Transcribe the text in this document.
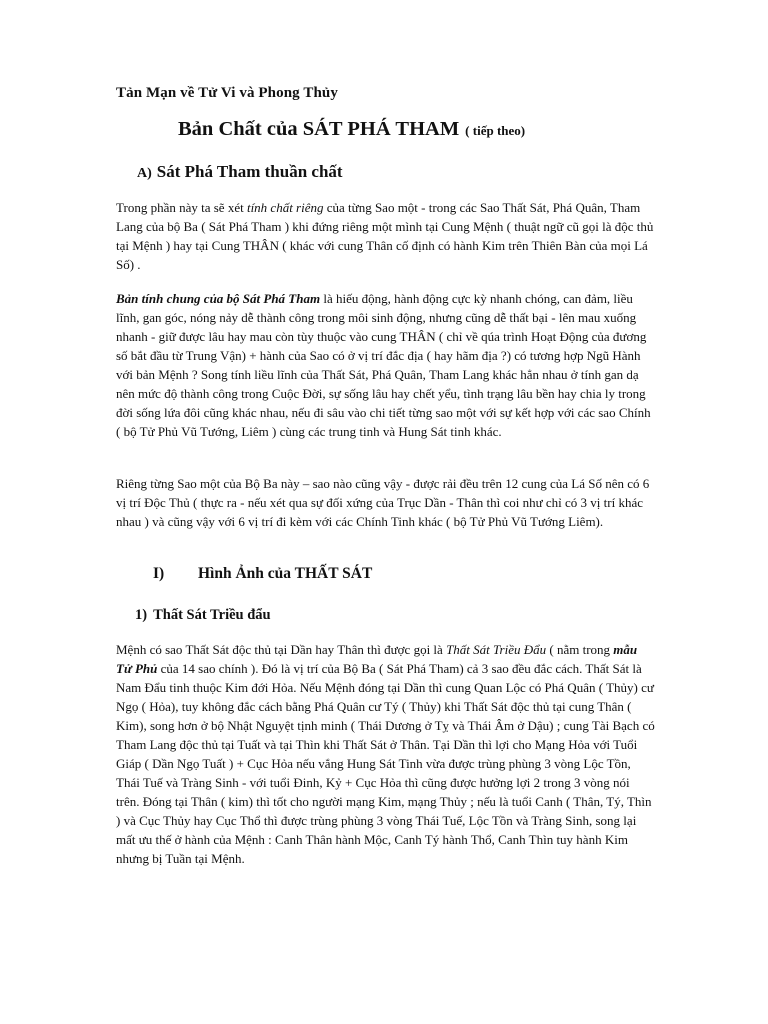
Tản Mạn về Tử Vi và Phong Thủy
Bản Chất của SÁT PHÁ THAM ( tiếp theo)
A) Sát Phá Tham thuần chất

Trong phần này ta sẽ xét tính chất riêng của từng Sao một - trong các Sao Thất Sát, Phá Quân, Tham Lang của bộ Ba ( Sát Phá Tham ) khi đứng riêng một mình tại Cung Mệnh ( thuật ngữ cũ gọi là độc thủ tại Mệnh ) hay tại Cung THÂN ( khác với cung Thân cố định có hành Kim trên Thiên Bàn của mọi Lá Số) .

Bản tính chung của bộ Sát Phá Tham là hiếu động, hành động cực kỳ nhanh chóng, can đảm, liều lĩnh, gan góc, nóng nảy dễ thành công trong môi sinh động, nhưng cũng dễ thất bại - lên mau xuống nhanh - giữ được lâu hay mau còn tùy thuộc vào cung THÂN ( chỉ về qúa trình Hoạt Động của đương số bắt đầu từ Trung Vận) + hành của Sao có ở vị trí đắc địa ( hay hãm địa ?) có tương hợp Ngũ Hành với bản Mệnh ? Song tính liều lĩnh của Thất Sát, Phá Quân, Tham Lang khác hẳn nhau ở tính gan dạ nên mức độ thành công trong Cuộc Đời, sự sống lâu hay chết yểu, tình trạng lâu bền hay chia ly trong đời sống lứa đôi cũng khác nhau, nếu đi sâu vào chi tiết từng sao một với sự kết hợp với các sao Chính ( bộ Tử Phủ Vũ Tướng, Liêm ) cùng các trung tinh và Hung Sát tinh khác.

Riêng từng Sao một của Bộ Ba này – sao nào cũng vậy - được rải đều trên 12 cung của Lá Số nên có 6 vị trí Độc Thủ ( thực ra - nếu xét qua sự đối xứng của Trục Dần - Thân thì coi như chỉ có 3 vị trí khác nhau ) và cũng vậy với 6 vị trí đi kèm với các Chính Tinh khác ( bộ Tử Phủ Vũ Tướng Liêm).

I) Hình Ảnh của THẤT SÁT
1) Thất Sát Triều đẩu

Mệnh có sao Thất Sát độc thủ tại Dần hay Thân thì được gọi là Thất Sát Triều Đẩu ( nằm trong mẫu Tử Phủ của 14 sao chính ). Đó là vị trí của Bộ Ba ( Sát Phá Tham) cả 3 sao đều đắc cách. Thất Sát là Nam Đẩu tinh thuộc Kim đới Hỏa. Nếu Mệnh đóng tại Dần thì cung Quan Lộc có Phá Quân ( Thủy) cư Ngọ ( Hỏa), tuy không đắc cách bằng Phá Quân cư Tý ( Thủy) khi Thất Sát độc thủ tại cung Thân ( Kim), song hơn ở bộ Nhật Nguyệt tịnh minh ( Thái Dương ở Tỵ và Thái Âm ở Dậu) ; cung Tài Bạch có Tham Lang độc thủ tại Tuất và tại Thìn khi Thất Sát ở Thân. Tại Dần thì lợi cho Mạng Hỏa với Tuổi Giáp ( Dần Ngọ Tuất ) + Cục Hỏa nếu vắng Hung Sát Tinh vừa được trùng phùng 3 vòng Lộc Tồn, Thái Tuế và Tràng Sinh - với tuổi Đinh, Kỷ + Cục Hỏa thì cũng được hưởng lợi 2 trong 3 vòng nói trên. Đóng tại Thân ( kim) thì tốt cho người mạng Kim, mạng Thủy ; nếu là tuổi Canh ( Thân, Tý, Thìn ) và Cục Thủy hay Cục Thổ thì được trùng phùng 3 vòng Thái Tuế, Lộc Tồn và Tràng Sinh, song lại mất ưu thế ở hành của Mệnh : Canh Thân hành Mộc, Canh Tý hành Thổ, Canh Thìn tuy hành Kim nhưng bị Tuần tại Mệnh.
